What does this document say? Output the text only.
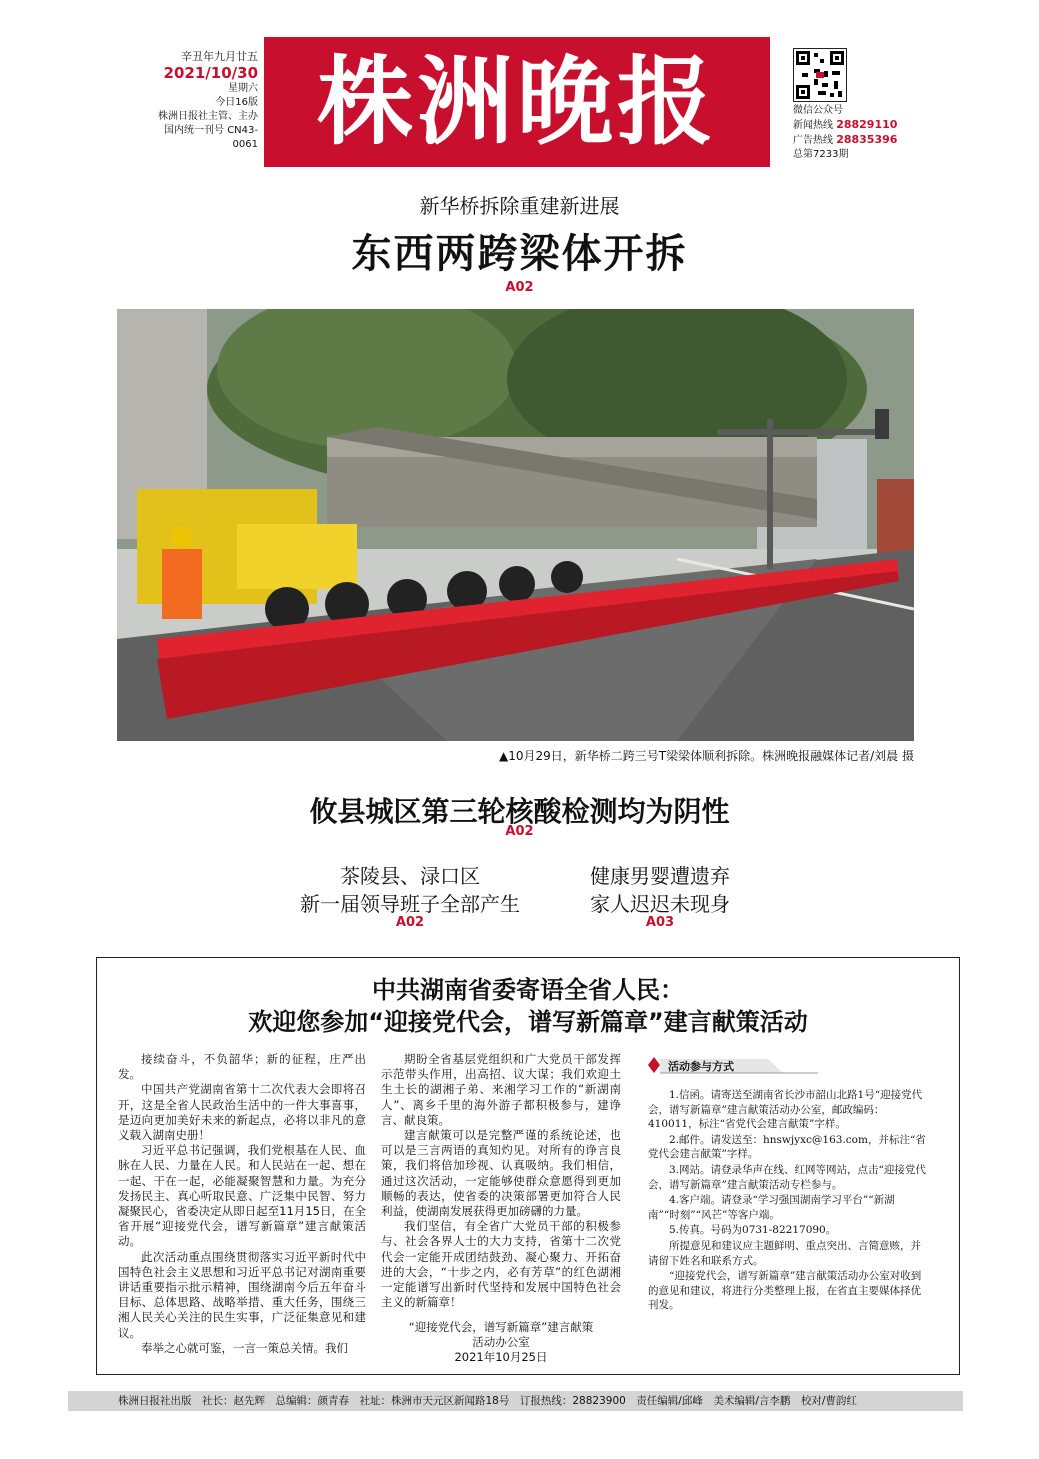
辛丑年九月廿五
2021/10/30
星期六
今日16版
株洲日报社主管、主办
国内统一刊号 CN43-0061 株洲晚报	微信公众号
新闻热线 28829110
广告热线 28835396
总第7233期
新华桥拆除重建新进展
东西两跨梁体开拆
A02
▲10月29日，新华桥二跨三号T梁梁体顺利拆除。株洲晚报融媒体记者/刘晨 摄
攸县城区第三轮核酸检测均为阴性
A02
茶陵县、渌口区
新一届领导班子全部产生
健康男婴遭遗弃
家人迟迟未现身
A02	A03
中共湖南省委寄语全省人民：
欢迎您参加“迎接党代会，谱写新篇章”建言献策活动

接续奋斗，不负韶华；新的征程，庄严出发。

中国共产党湖南省第十二次代表大会即将召开，这是全省人民政治生活中的一件大事喜事，是迈向更加美好未来的新起点，必将以非凡的意义载入湖南史册！

习近平总书记强调，我们党根基在人民、血脉在人民、力量在人民。和人民站在一起、想在一起、干在一起，必能凝聚智慧和力量。为充分发扬民主、真心听取民意、广泛集中民智、努力凝聚民心，省委决定从即日起至11月15日，在全省开展“迎接党代会，谱写新篇章”建言献策活动。

此次活动重点围绕贯彻落实习近平新时代中国特色社会主义思想和习近平总书记对湖南重要讲话重要指示批示精神，围绕湖南今后五年奋斗目标、总体思路、战略举措、重大任务，围绕三湘人民关心关注的民生实事，广泛征集意见和建议。

奉举之心就可鉴，一言一策总关情。我们

期盼全省基层党组织和广大党员干部发挥示范带头作用，出高招、议大谋；我们欢迎土生土长的湖湘子弟、来湘学习工作的“新湖南人”、离乡千里的海外游子都积极参与，建诤言、献良策。

建言献策可以是完整严谨的系统论述，也可以是三言两语的真知灼见。对所有的诤言良策，我们将倍加珍视、认真吸纳。我们相信，通过这次活动，一定能够使群众意愿得到更加顺畅的表达，使省委的决策部署更加符合人民利益，使湖南发展获得更加磅礴的力量。

我们坚信，有全省广大党员干部的积极参与、社会各界人士的大力支持，省第十二次党代会一定能开成团结鼓劲、凝心聚力、开拓奋进的大会，“十步之内，必有芳草”的红色湖湘一定能谱写出新时代坚持和发展中国特色社会主义的新篇章！

“迎接党代会，谱写新篇章”建言献策
活动办公室
2021年10月25日
活动参与方式

1.信函。请寄送至湖南省长沙市韶山北路1号“迎接党代会，谱写新篇章”建言献策活动办公室，邮政编码：410011，标注“省党代会建言献策”字样。

2.邮件。请发送至：hnswjyxc@163.com，并标注“省党代会建言献策”字样。

3.网站。请登录华声在线、红网等网站，点击“迎接党代会，谱写新篇章”建言献策活动专栏参与。

4.客户端。请登录“学习强国湖南学习平台”“新湖南”“时刻”“风芒”等客户端。

5.传真。号码为0731-82217090。

所提意见和建议应主题鲜明、重点突出、言简意赅，并请留下姓名和联系方式。

“迎接党代会，谱写新篇章”建言献策活动办公室对收到的意见和建议，将进行分类整理上报，在省直主要媒体择优刊发。

株洲日报社出版　社长：赵先辉　总编辑：颜青春　社址：株洲市天元区新闻路18号　订报热线：28823900　责任编辑/邱峰　美术编辑/言李鹏　校对/曹韵红
